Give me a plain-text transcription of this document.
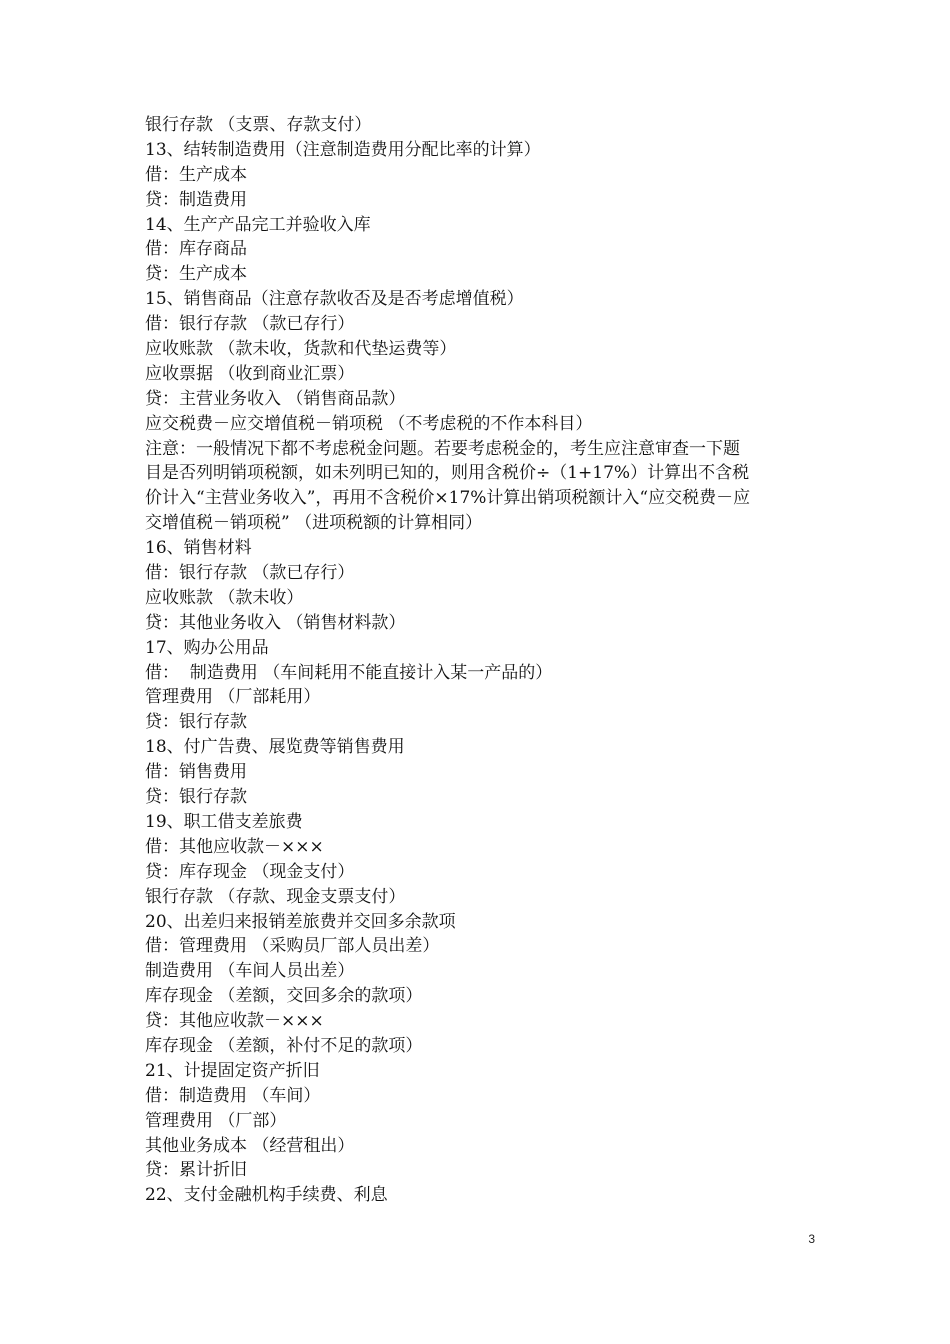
银行存款 （支票、存款支付）
13、结转制造费用（注意制造费用分配比率的计算）
借：生产成本
贷：制造费用
14、生产产品完工并验收入库
借：库存商品
贷：生产成本
15、销售商品（注意存款收否及是否考虑增值税）
借：银行存款 （款已存行）
应收账款 （款未收，货款和代垫运费等）
应收票据 （收到商业汇票）
贷：主营业务收入 （销售商品款）
应交税费－应交增值税－销项税 （不考虑税的不作本科目）
注意：一般情况下都不考虑税金问题。若要考虑税金的，考生应注意审查一下题
目是否列明销项税额，如未列明已知的，则用含税价÷（1+17%）计算出不含税
价计入“主营业务收入”，再用不含税价×17%计算出销项税额计入“应交税费－应
交增值税－销项税” （进项税额的计算相同）
16、销售材料
借：银行存款 （款已存行）
应收账款 （款未收）
贷：其他业务收入 （销售材料款）
17、购办公用品
借：  制造费用 （车间耗用不能直接计入某一产品的）
管理费用 （厂部耗用）
贷：银行存款
18、付广告费、展览费等销售费用
借：销售费用
贷：银行存款
19、职工借支差旅费
借：其他应收款－×××
贷：库存现金 （现金支付）
银行存款 （存款、现金支票支付）
20、出差归来报销差旅费并交回多余款项
借：管理费用 （采购员厂部人员出差）
制造费用 （车间人员出差）
库存现金 （差额，交回多余的款项）
贷：其他应收款－×××
库存现金 （差额，补付不足的款项）
21、计提固定资产折旧
借：制造费用 （车间）
管理费用 （厂部）
其他业务成本 （经营租出）
贷：累计折旧
22、支付金融机构手续费、利息
3
